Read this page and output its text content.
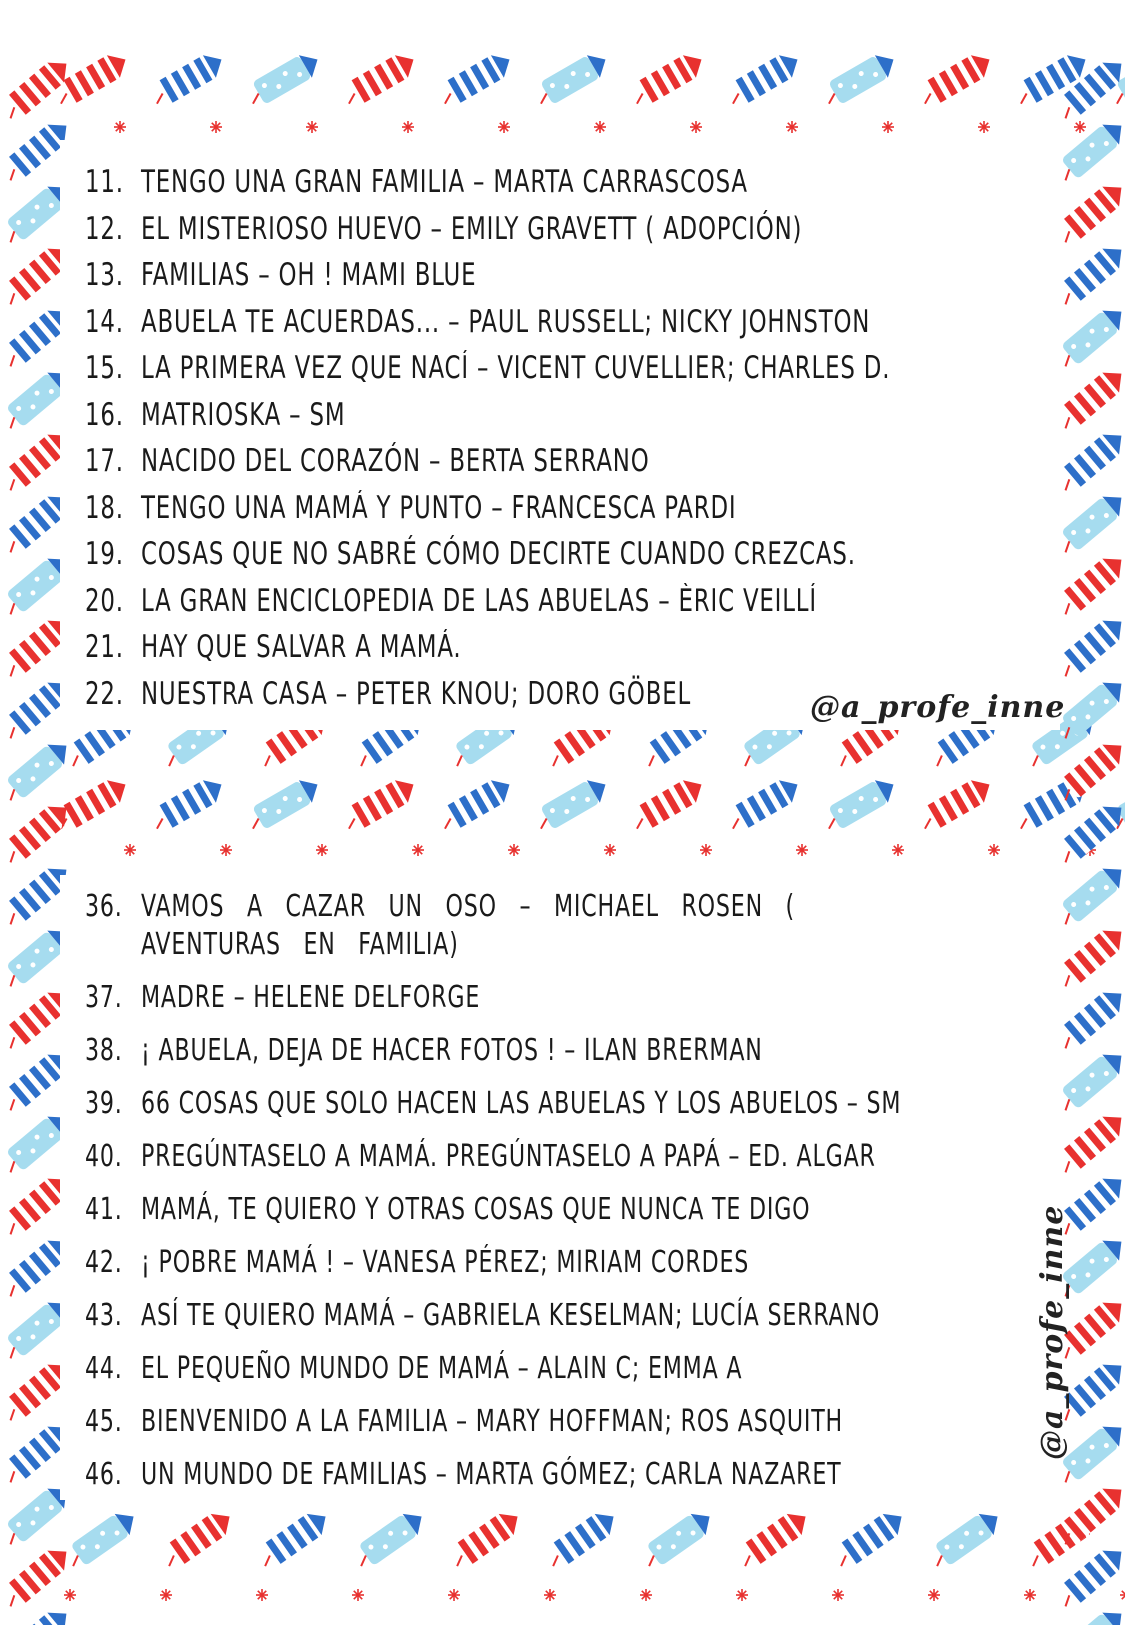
11. TENGO UNA GRAN FAMILIA – MARTA CARRASCOSA
12. EL MISTERIOSO HUEVO – EMILY GRAVETT ( ADOPCIÓN)
13. FAMILIAS – OH ! MAMI BLUE
14. ABUELA TE ACUERDAS... – PAUL RUSSELL; NICKY JOHNSTON
15. LA PRIMERA VEZ QUE NACÍ – VICENT CUVELLIER; CHARLES D.
16. MATRIOSKA – SM
17. NACIDO DEL CORAZÓN – BERTA SERRANO
18. TENGO UNA MAMÁ Y PUNTO – FRANCESCA PARDI
19. COSAS QUE NO SABRÉ CÓMO DECIRTE CUANDO CREZCAS.
20. LA GRAN ENCICLOPEDIA DE LAS ABUELAS – ÈRIC VEILLÍ
21. HAY QUE SALVAR A MAMÁ.
22. NUESTRA CASA – PETER KNOU; DORO GÖBEL	@a_profe_inne
36. VAMOS A CAZAR UN OSO – MICHAEL ROSEN ( AVENTURAS EN FAMILIA)
37. MADRE – HELENE DELFORGE
38. ¡ ABUELA, DEJA DE HACER FOTOS ! – ILAN BRERMAN
39. 66 COSAS QUE SOLO HACEN LAS ABUELAS Y LOS ABUELOS – SM
40. PREGÚNTASELO A MAMÁ. PREGÚNTASELO A PAPÁ – ED. ALGAR
41. MAMÁ, TE QUIERO Y OTRAS COSAS QUE NUNCA TE DIGO
42. ¡ POBRE MAMÁ ! – VANESA PÉREZ; MIRIAM CORDES
43. ASÍ TE QUIERO MAMÁ – GABRIELA KESELMAN; LUCÍA SERRANO
44. EL PEQUEÑO MUNDO DE MAMÁ – ALAIN C; EMMA A
45. BIENVENIDO A LA FAMILIA – MARY HOFFMAN; ROS ASQUITH
46. UN MUNDO DE FAMILIAS – MARTA GÓMEZ; CARLA NAZARET
@a_profe_inne
